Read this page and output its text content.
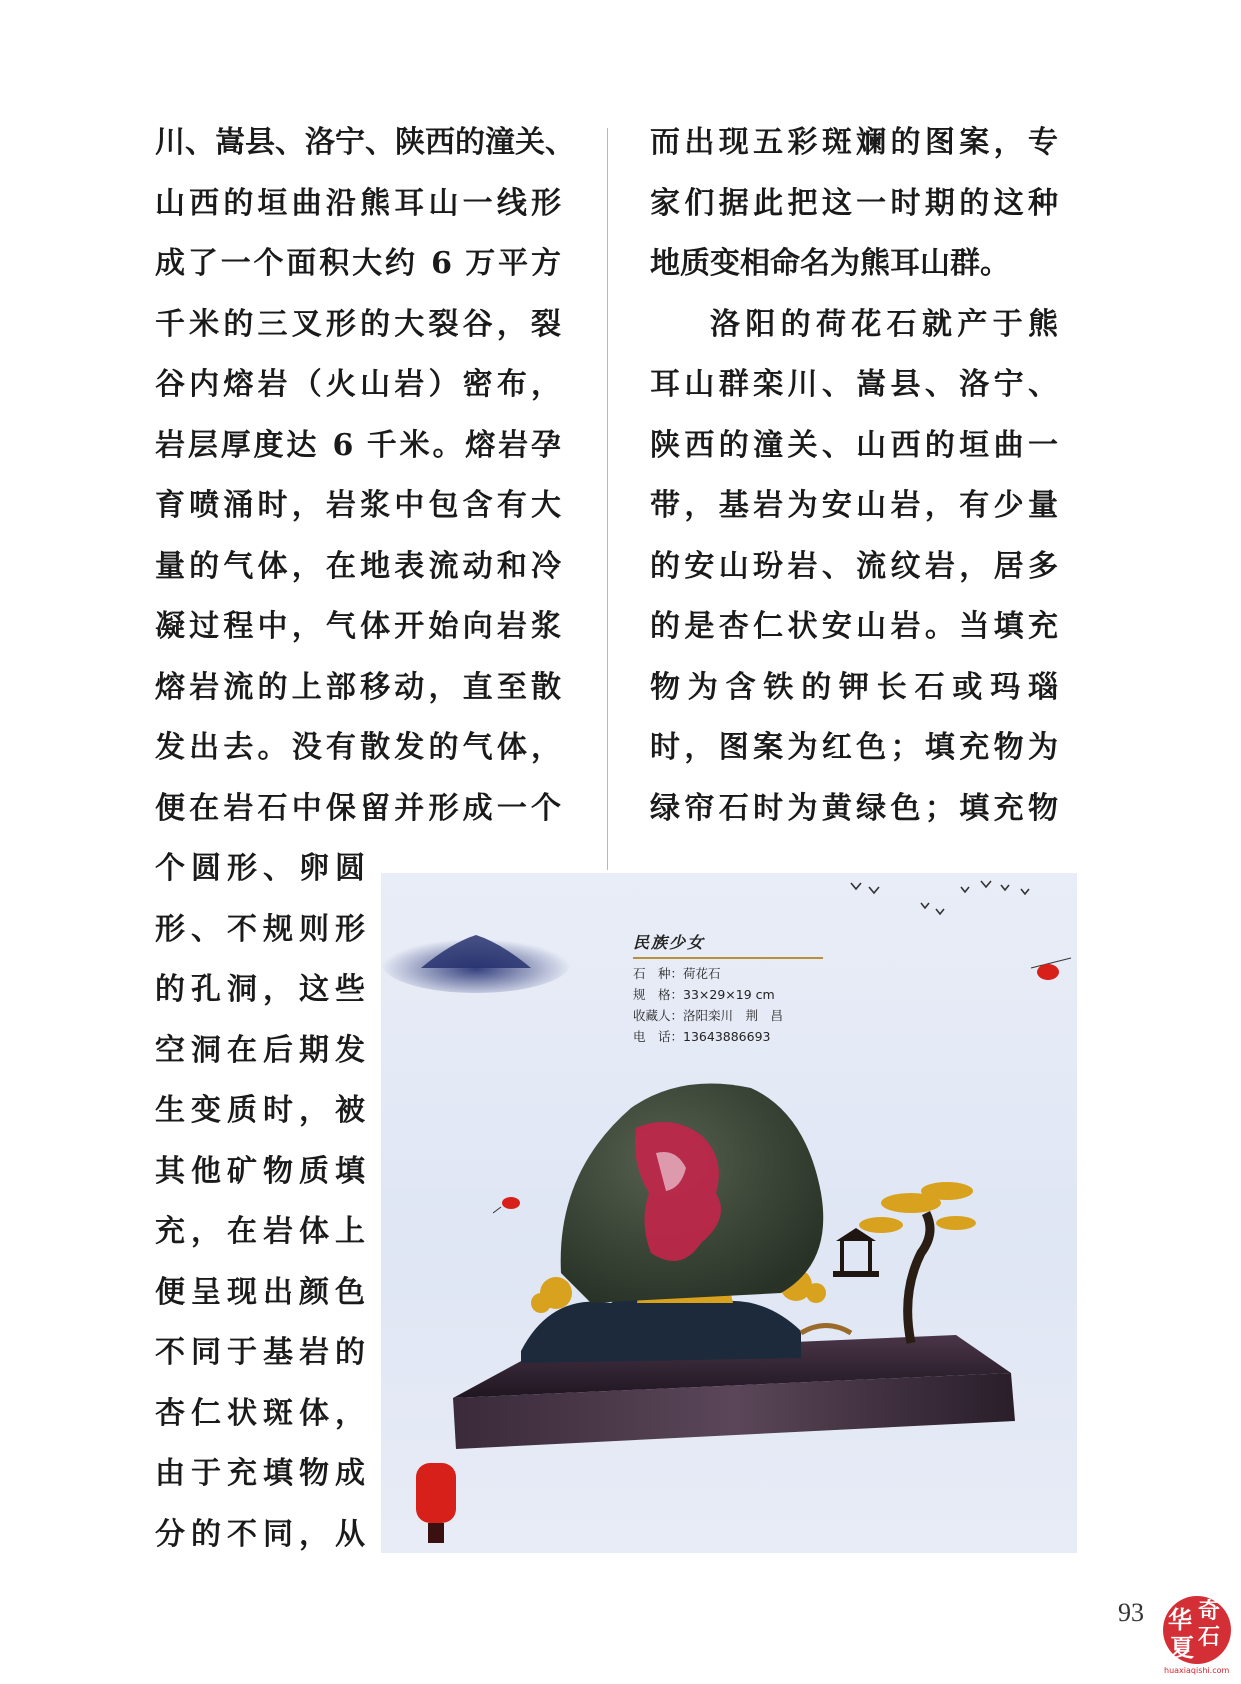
川、嵩县、洛宁、陕西的潼关、
山西的垣曲沿熊耳山一线形
成了一个面积大约 6 万平方
千米的三叉形的大裂谷，裂
谷内熔岩（火山岩）密布，
岩层厚度达 6 千米。熔岩孕
育喷涌时，岩浆中包含有大
量的气体，在地表流动和冷
凝过程中，气体开始向岩浆
熔岩流的上部移动，直至散
发出去。没有散发的气体，
便在岩石中保留并形成一个
个圆形、卵圆
形、不规则形
的孔洞，这些
空洞在后期发
生变质时，被
其他矿物质填
充，在岩体上
便呈现出颜色
不同于基岩的
杏仁状斑体，
由于充填物成
分的不同，从

而出现五彩斑斓的图案，专
家们据此把这一时期的这种
地质变相命名为熊耳山群。

洛阳的荷花石就产于熊
耳山群栾川、嵩县、洛宁、
陕西的潼关、山西的垣曲一
带，基岩为安山岩，有少量
的安山玢岩、流纹岩，居多
的是杏仁状安山岩。当填充
物为含铁的钾长石或玛瑙
时，图案为红色；填充物为
绿帘石时为黄绿色；填充物

民族少女
石　种：荷花石
规　格：33×29×19 cm
收藏人：洛阳栾川　荆　昌
电　话：13643886693
93 奇
石
华
夏
huaxiaqishi.com
